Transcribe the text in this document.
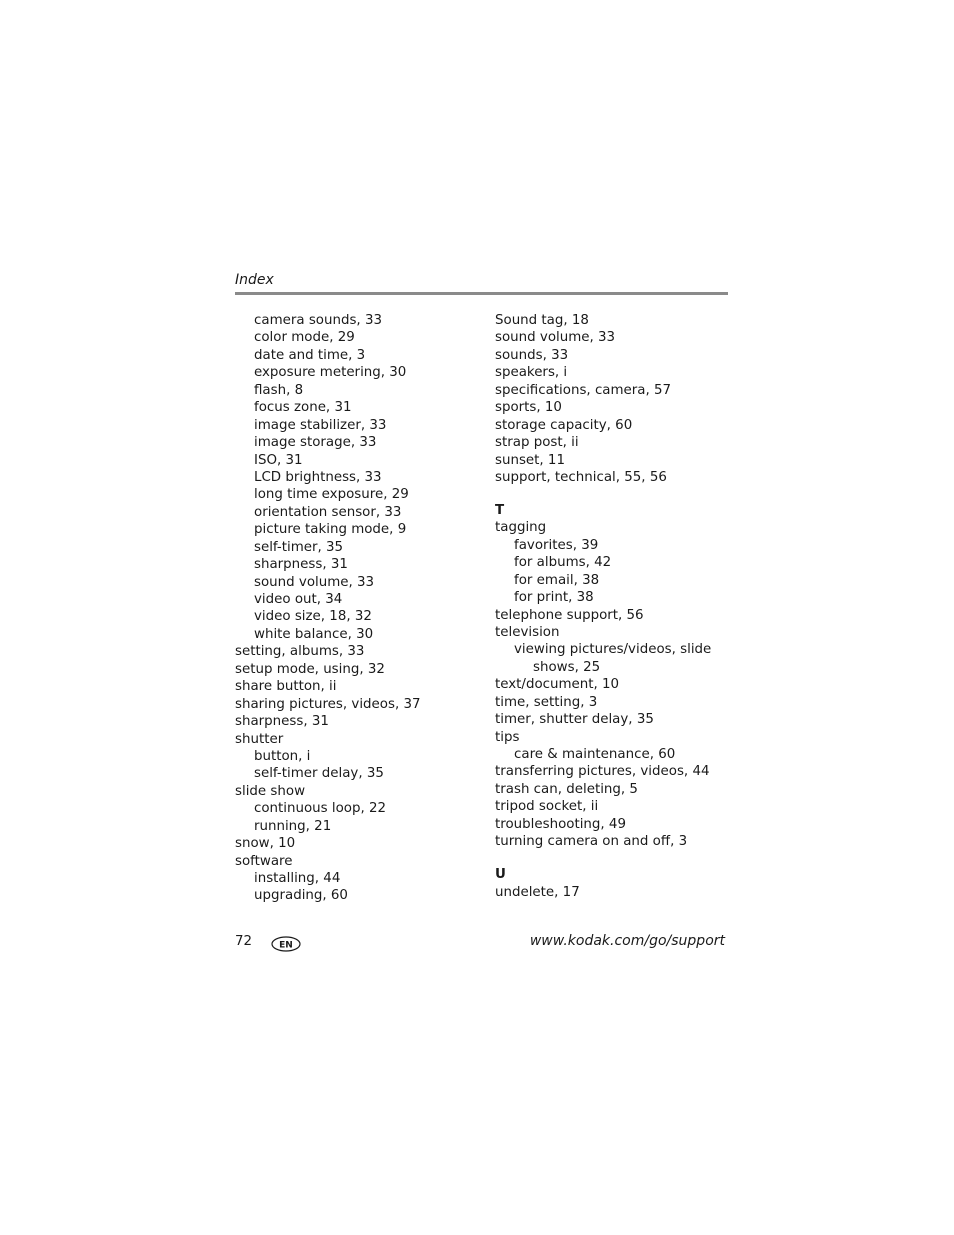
Index
camera sounds, 33
color mode, 29
date and time, 3
exposure metering, 30
flash, 8
focus zone, 31
image stabilizer, 33
image storage, 33
ISO, 31
LCD brightness, 33
long time exposure, 29
orientation sensor, 33
picture taking mode, 9
self-timer, 35
sharpness, 31
sound volume, 33
video out, 34
video size, 18, 32
white balance, 30
setting, albums, 33
setup mode, using, 32
share button, ii
sharing pictures, videos, 37
sharpness, 31
shutter
button, i
self-timer delay, 35
slide show
continuous loop, 22
running, 21
snow, 10
software
installing, 44
upgrading, 60
Sound tag, 18
sound volume, 33
sounds, 33
speakers, i
specifications, camera, 57
sports, 10
storage capacity, 60
strap post, ii
sunset, 11
support, technical, 55, 56
T
tagging
favorites, 39
for albums, 42
for email, 38
for print, 38
telephone support, 56
television
viewing pictures/videos, slide
shows, 25
text/document, 10
time, setting, 3
timer, shutter delay, 35
tips
care & maintenance, 60
transferring pictures, videos, 44
trash can, deleting, 5
tripod socket, ii
troubleshooting, 49
turning camera on and off, 3
U
undelete, 17
72	EN	www.kodak.com/go/support
